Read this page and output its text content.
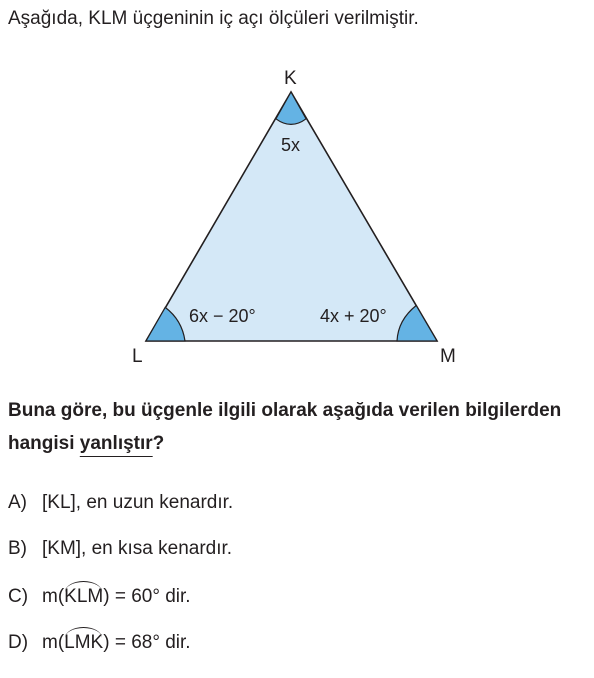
Aşağıda, KLM üçgeninin iç açı ölçüleri verilmiştir.
K
L	M
5x
6x − 20°	4x + 20°
Buna göre, bu üçgenle ilgili olarak aşağıda verilen bilgilerden hangisi yanlıştır?
A) [KL], en uzun kenardır.
B) [KM], en kısa kenardır.
C) m(KLM) = 60° dir.
D) m(LMK) = 68° dir.
